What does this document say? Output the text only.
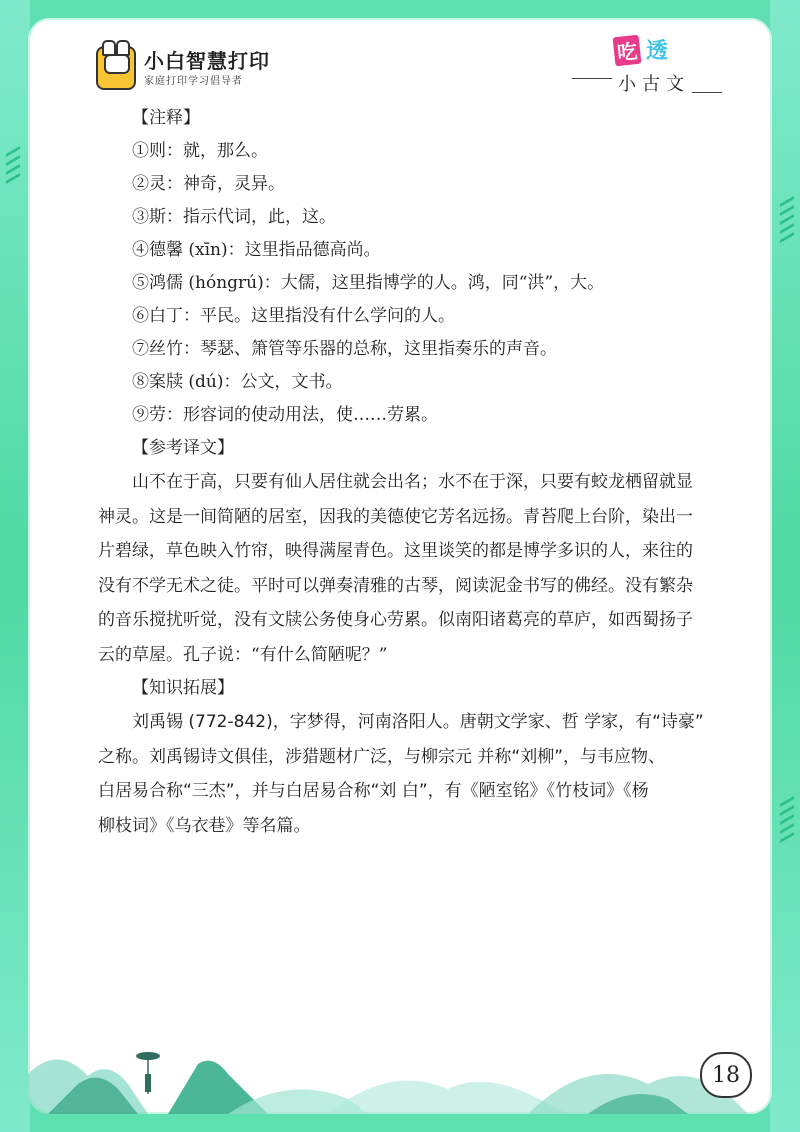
小白智慧打印
家庭打印学习倡导者
吃 透
小古文
【注释】
①则：就，那么。
②灵：神奇，灵异。
③斯：指示代词，此，这。
④德馨 (xīn)：这里指品德高尚。
⑤鸿儒 (hóngrú)：大儒，这里指博学的人。鸿，同“洪”，大。
⑥白丁：平民。这里指没有什么学问的人。
⑦丝竹：琴瑟、箫管等乐器的总称，这里指奏乐的声音。
⑧案牍 (dú)：公文，文书。
⑨劳：形容词的使动用法，使……劳累。
【参考译文】
山不在于高，只要有仙人居住就会出名；水不在于深，只要有蛟龙栖留就显
神灵。这是一间简陋的居室，因我的美德使它芳名远扬。青苔爬上台阶，染出一
片碧绿，草色映入竹帘，映得满屋青色。这里谈笑的都是博学多识的人，来往的
没有不学无术之徒。平时可以弹奏清雅的古琴，阅读泥金书写的佛经。没有繁杂
的音乐搅扰听觉，没有文牍公务使身心劳累。似南阳诸葛亮的草庐，如西蜀扬子
云的草屋。孔子说：“有什么简陋呢？”
【知识拓展】
刘禹锡 (772-842)，字梦得，河南洛阳人。唐朝文学家、哲 学家，有“诗豪”
之称。刘禹锡诗文俱佳，涉猎题材广泛，与柳宗元 并称“刘柳”，与韦应物、
白居易合称“三杰”，并与白居易合称“刘 白”，有《陋室铭》《竹枝词》《杨
柳枝词》《乌衣巷》等名篇。
18
